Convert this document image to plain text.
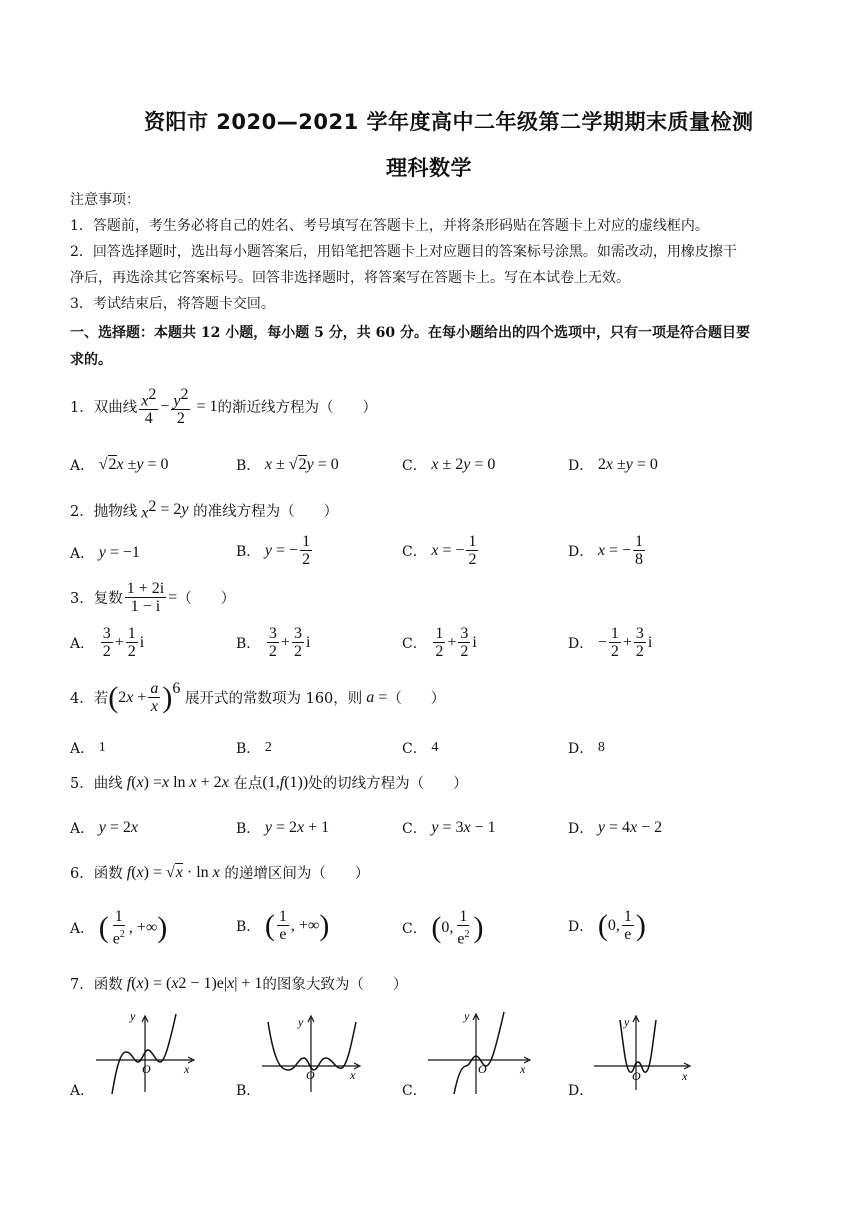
资阳市 2020—2021 学年度高中二年级第二学期期末质量检测
理科数学
注意事项：
1．答题前，考生务必将自己的姓名、考号填写在答题卡上，并将条形码贴在答题卡上对应的虚线框内。
2．回答选择题时，选出每小题答案后，用铅笔把答题卡上对应题目的答案标号涂黑。如需改动，用橡皮擦干
净后，再选涂其它答案标号。回答非选择题时，将答案写在答题卡上。写在本试卷上无效。
3．考试结束后，将答题卡交回。
一、选择题：本题共 12 小题，每小题 5 分，共 60 分。在每小题给出的四个选项中，只有一项是符合题目要
求的。
1． 双曲线 $\frac{x^2}{4} - \frac{y^2}{2} = 1$ 的渐近线方程为（　　）
A．
√2 x ± y = 0	B．
x ± √2 y = 0	C．
x ± 2 y = 0	D．
2 x ± y = 0
2． 抛物线 $x^2 = 2$ y
的准线方程为（　　）
A．
y = −1	B．
y = − $\frac{1}{2}$	C．
x = − $\frac{1}{2}$	D．
x = − $\frac{1}{8}$
3． 复数 $\frac{1 + 2i}{1 - i}$ = （　　）
A．
$\frac{3}{2} + \frac{1}{2}$ i	B．
$\frac{3}{2} + \frac{3}{2}$ i	C．
$\frac{1}{2} + \frac{3}{2}$ i	D．
− $\frac{1}{2} + \frac{3}{2}$ i
4． 若 ( 2 $x + \frac{a}{x}$ ) 6

展开式的常数项为 160，则 a = （　　）
A．
1	B．
2	C．
4	D．
8
5． 曲线 f ( x ) = x ln x + 2 x
在点 (1, f (1)) 处的切线方程为（　　）
A．
y = 2 x	B．
y = 2 x + 1	C．
y = 3 x − 1	D．
y = 4 x − 2
6． 函数 f ( x ) = √ x · ln x
的递增区间为（　　）
A．
( $\frac{1}{e^2}$ , +∞ )	B．
( $\frac{1}{e}$ , +∞ )	C．
( 0, $\frac{1}{e^2}$ )	D．
( 0, $\frac{1}{e}$ )
7． 函数 f ( x ) = ( x 2 − 1)e |x| + 1 的图象大致为（　　）
A．
y
x
O
B．
y
x
O
C．
y
x
O
D．
y
x
O
